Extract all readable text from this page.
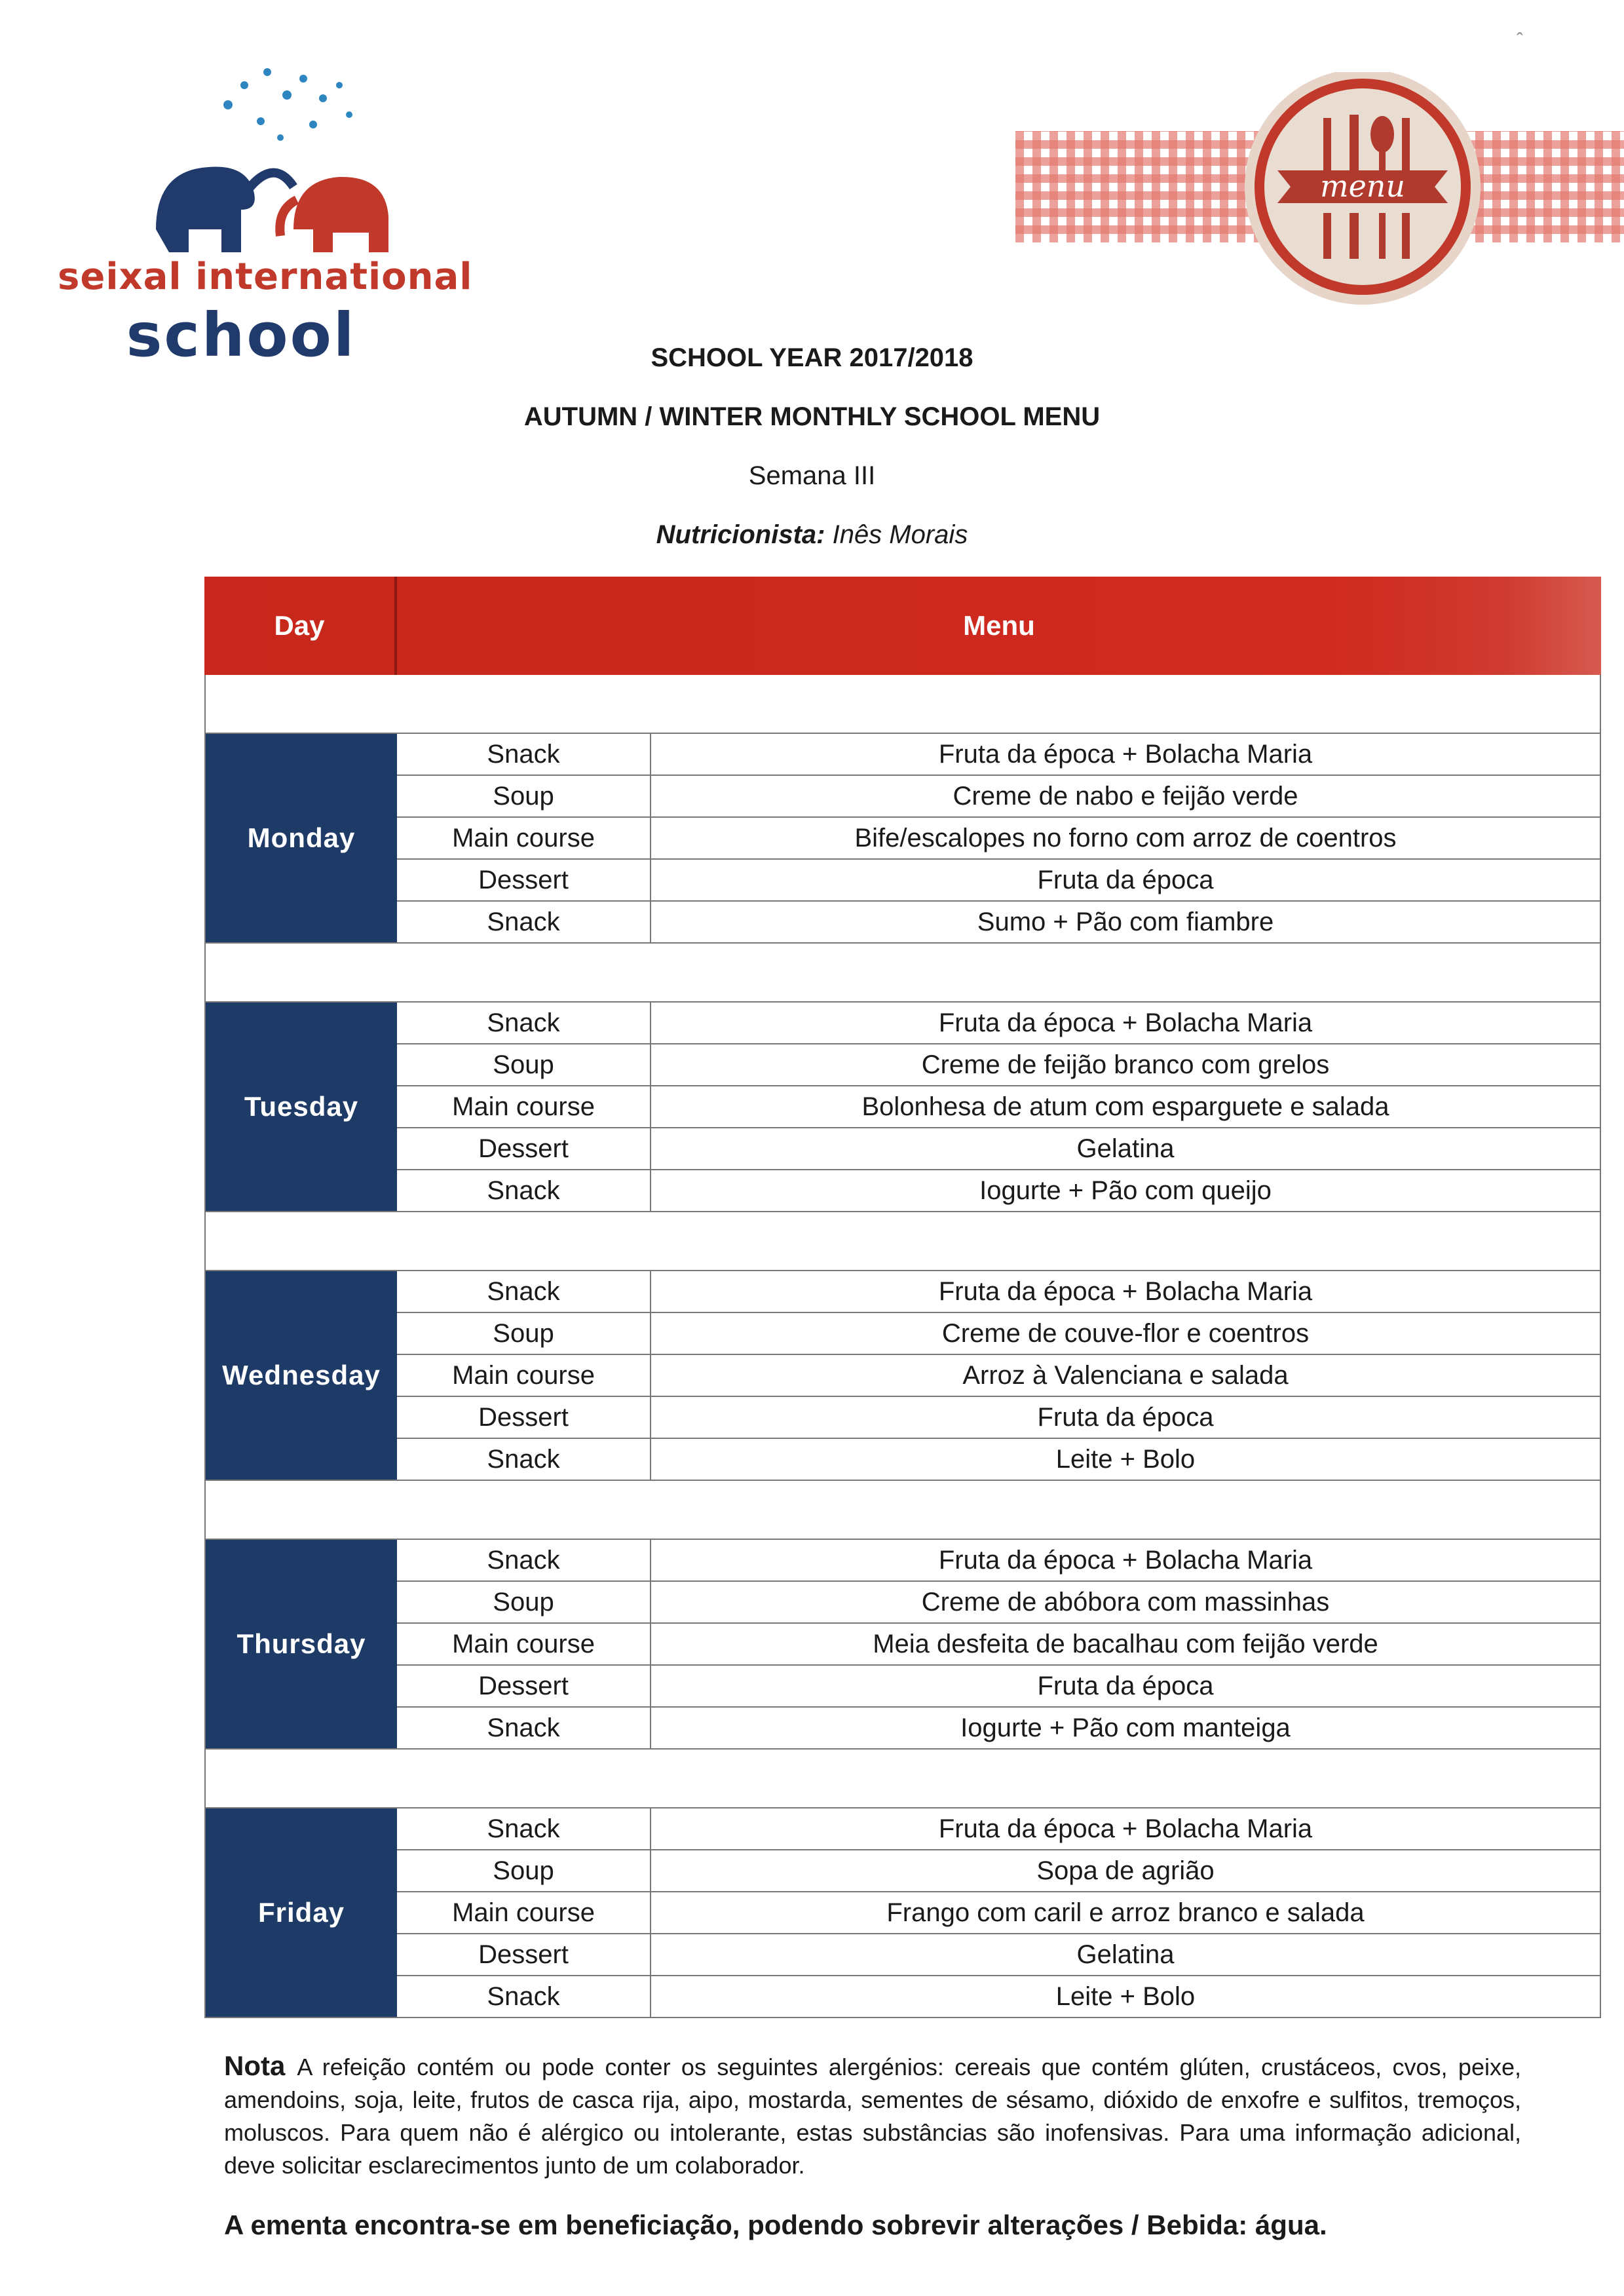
seixal international
school
ˆ
menu
SCHOOL YEAR 2017/2018
AUTUMN / WINTER MONTHLY SCHOOL MENU
Semana III
Nutricionista: Inês Morais
Day	Menu
Monday
Snack	Fruta da época + Bolacha Maria
Soup	Creme de nabo e feijão verde
Main course	Bife/escalopes no forno com arroz de coentros
Dessert	Fruta da época
Snack	Sumo + Pão com fiambre
Tuesday
Snack	Fruta da época + Bolacha Maria
Soup	Creme de feijão branco com grelos
Main course	Bolonhesa de atum com esparguete e salada
Dessert	Gelatina
Snack	Iogurte + Pão com queijo
Wednesday
Snack	Fruta da época + Bolacha Maria
Soup	Creme de couve-flor e coentros
Main course	Arroz à Valenciana e salada
Dessert	Fruta da época
Snack	Leite + Bolo
Thursday
Snack	Fruta da época + Bolacha Maria
Soup	Creme de abóbora com massinhas
Main course	Meia desfeita de bacalhau com feijão verde
Dessert	Fruta da época
Snack	Iogurte + Pão com manteiga
Friday
Snack	Fruta da época + Bolacha Maria
Soup	Sopa de agrião
Main course	Frango com caril e arroz branco e salada
Dessert	Gelatina
Snack	Leite + Bolo
Nota A refeição contém ou pode conter os seguintes alergénios: cereais que contém glúten, crustáceos, cvos, peixe, amendoins, soja, leite, frutos de casca rija, aipo, mostarda, sementes de sésamo, dióxido de enxofre e sulfitos, tremoços, moluscos. Para quem não é alérgico ou intolerante, estas substâncias são inofensivas. Para uma informação adicional, deve solicitar esclarecimentos junto de um colaborador.
A ementa encontra-se em beneficiação, podendo sobrevir alterações / Bebida: água.
